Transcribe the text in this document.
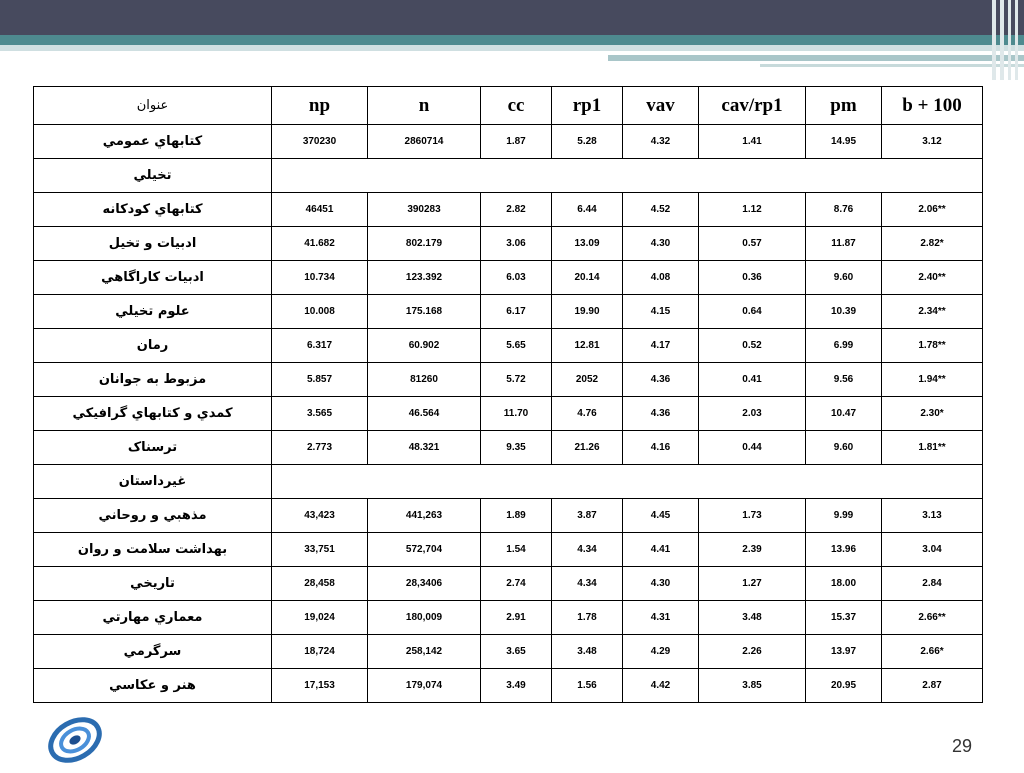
عنوان	np	n	cc	rp1	vav	cav/rp1	pm	b + 100
کتابهاي عمومي	370230	2860714	1.87	5.28	4.32	1.41	14.95	3.12
تخيلي								
کتابهاي کودکانه	46451	390283	2.82	6.44	4.52	1.12	8.76	2.06**
ادبيات و تخيل	41.682	802.179	3.06	13.09	4.30	0.57	11.87	2.82*
ادبيات کاراگاهي	10.734	123.392	6.03	20.14	4.08	0.36	9.60	2.40**
علوم تخيلي	10.008	175.168	6.17	19.90	4.15	0.64	10.39	2.34**
رمان	6.317	60.902	5.65	12.81	4.17	0.52	6.99	1.78**
مزبوط به جوانان	5.857	81260	5.72	2052	4.36	0.41	9.56	1.94**
کمدي و کتابهاي گرافيکي	3.565	46.564	11.70	4.76	4.36	2.03	10.47	2.30*
ترسناک	2.773	48.321	9.35	21.26	4.16	0.44	9.60	1.81**
غيرداستان								
مذهبي و روحاني	43,423	441,263	1.89	3.87	4.45	1.73	9.99	3.13
بهداشت سلامت و روان	33,751	572,704	1.54	4.34	4.41	2.39	13.96	3.04
تاريخي	28,458	28,3406	2.74	4.34	4.30	1.27	18.00	2.84
معماري مهارتي	19,024	180,009	2.91	1.78	4.31	3.48	15.37	2.66**
سرگرمي	18,724	258,142	3.65	3.48	4.29	2.26	13.97	2.66*
هنر و عکاسي	17,153	179,074	3.49	1.56	4.42	3.85	20.95	2.87
29
